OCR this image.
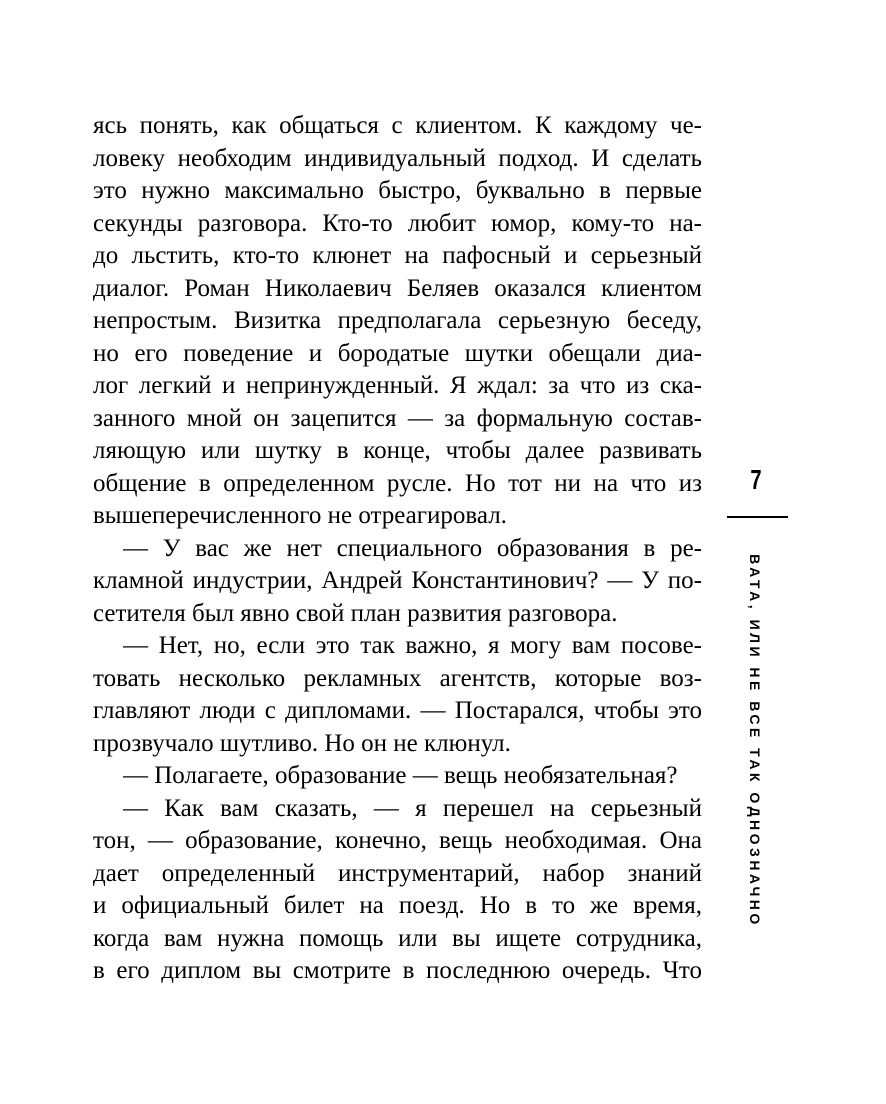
ясь понять, как общаться с клиентом. К каждому че-
ловеку необходим индивидуальный подход. И сделать
это нужно максимально быстро, буквально в первые
секунды разговора. Кто-то любит юмор, кому-то на-
до льстить, кто-то клюнет на пафосный и серьезный
диалог. Роман Николаевич Беляев оказался клиентом
непростым. Визитка предполагала серьезную беседу,
но его поведение и бородатые шутки обещали диа-
лог легкий и непринужденный. Я ждал: за что из ска-
занного мной он зацепится — за формальную состав-
ляющую или шутку в конце, чтобы далее развивать
общение в определенном русле. Но тот ни на что из
вышеперечисленного не отреагировал.
— У вас же нет специального образования в ре-
кламной индустрии, Андрей Константинович? — У по-
сетителя был явно свой план развития разговора.
— Нет, но, если это так важно, я могу вам посове-
товать несколько рекламных агентств, которые воз-
главляют люди с дипломами. — Постарался, чтобы это
прозвучало шутливо. Но он не клюнул.
— Полагаете, образование — вещь необязательная?
— Как вам сказать, — я перешел на серьезный
тон, — образование, конечно, вещь необходимая. Она
дает определенный инструментарий, набор знаний
и официальный билет на поезд. Но в то же время,
когда вам нужна помощь или вы ищете сотрудника,
в его диплом вы смотрите в последнюю очередь. Что
7
ВАТА, ИЛИ НЕ ВСЕ ТАК ОДНОЗНАЧНО
